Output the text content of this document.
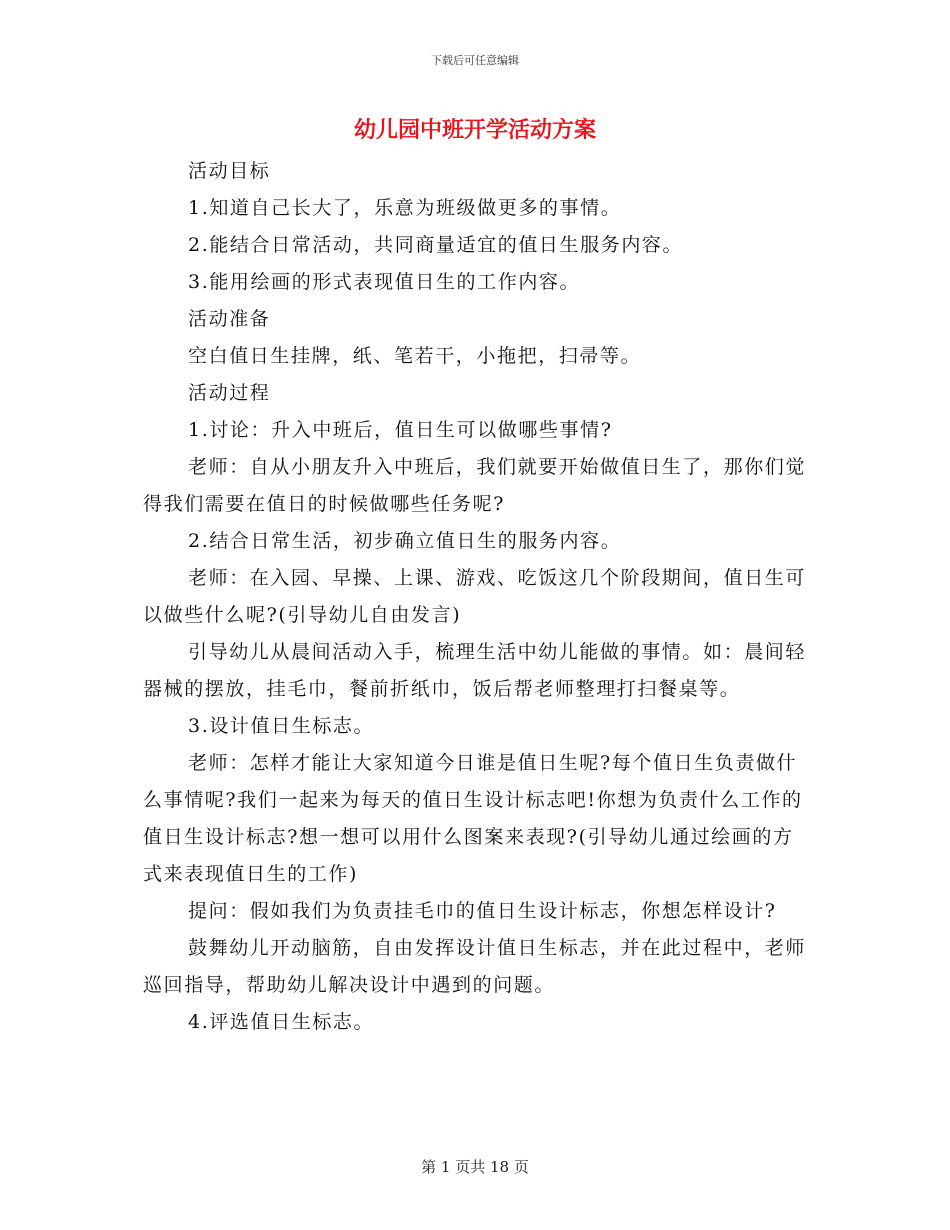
下载后可任意编辑
幼儿园中班开学活动方案

活动目标

1.知道自己长大了，乐意为班级做更多的事情。

2.能结合日常活动，共同商量适宜的值日生服务内容。

3.能用绘画的形式表现值日生的工作内容。

活动准备

空白值日生挂牌，纸、笔若干，小拖把，扫帚等。

活动过程

1.讨论：升入中班后，值日生可以做哪些事情?

老师：自从小朋友升入中班后，我们就要开始做值日生了，那你们觉得我们需要在值日的时候做哪些任务呢?

2.结合日常生活，初步确立值日生的服务内容。

老师：在入园、早操、上课、游戏、吃饭这几个阶段期间，值日生可以做些什么呢?(引导幼儿自由发言)

引导幼儿从晨间活动入手，梳理生活中幼儿能做的事情。如：晨间轻器械的摆放，挂毛巾，餐前折纸巾，饭后帮老师整理打扫餐桌等。

3.设计值日生标志。

老师：怎样才能让大家知道今日谁是值日生呢?每个值日生负责做什么事情呢?我们一起来为每天的值日生设计标志吧!你想为负责什么工作的值日生设计标志?想一想可以用什么图案来表现?(引导幼儿通过绘画的方式来表现值日生的工作)

提问：假如我们为负责挂毛巾的值日生设计标志，你想怎样设计?

鼓舞幼儿开动脑筋，自由发挥设计值日生标志，并在此过程中，老师巡回指导，帮助幼儿解决设计中遇到的问题。

4.评选值日生标志。

第 1 页共 18 页
